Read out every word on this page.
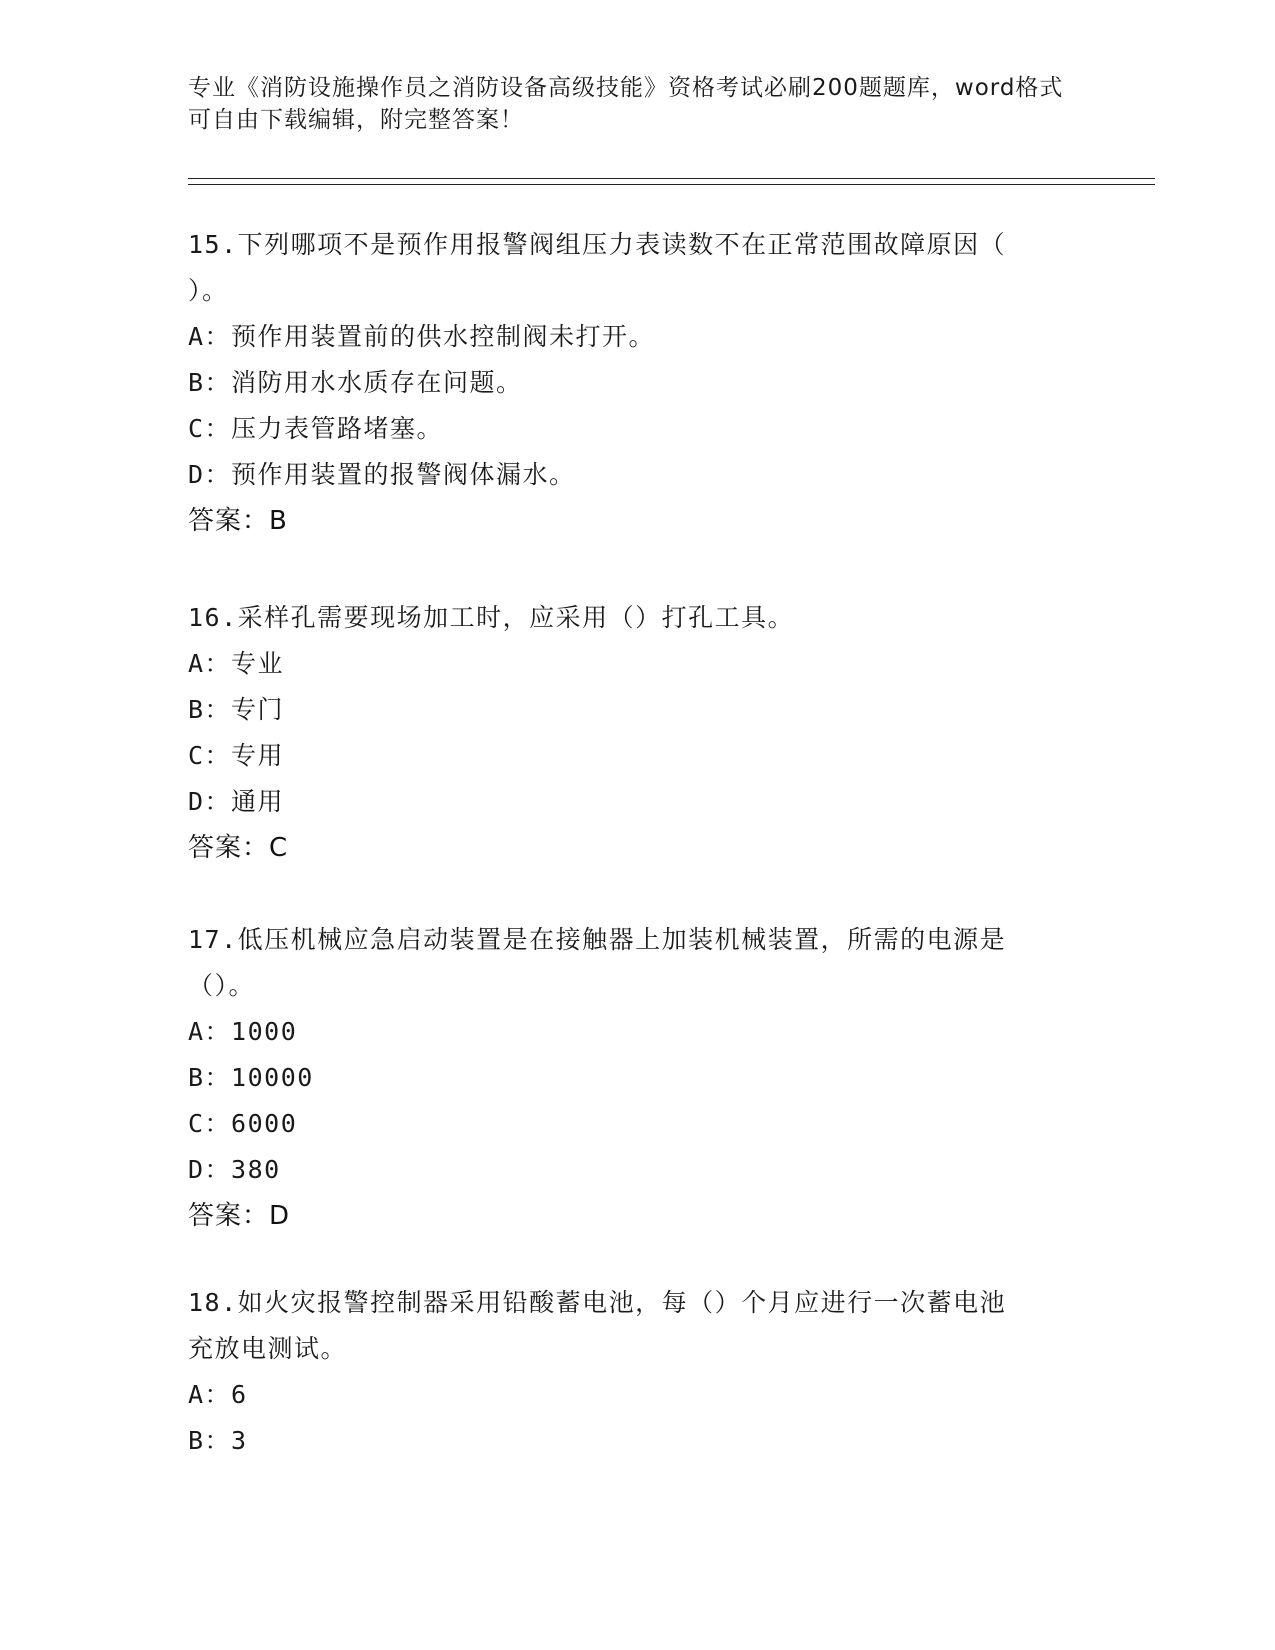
专业《消防设施操作员之消防设备高级技能》资格考试必刷200题题库，word格式可自由下载编辑，附完整答案！
15.下列哪项不是预作用报警阀组压力表读数不在正常范围故障原因（
）。
A：预作用装置前的供水控制阀未打开。
B：消防用水水质存在问题。
C：压力表管路堵塞。
D：预作用装置的报警阀体漏水。
答案：B
16.采样孔需要现场加工时，应采用（）打孔工具。
A：专业
B：专门
C：专用
D：通用
答案：C
17.低压机械应急启动装置是在接触器上加装机械装置，所需的电源是
（）。
A：1000
B：10000
C：6000
D：380
答案：D
18.如火灾报警控制器采用铅酸蓄电池，每（）个月应进行一次蓄电池
充放电测试。
A：6
B：3
